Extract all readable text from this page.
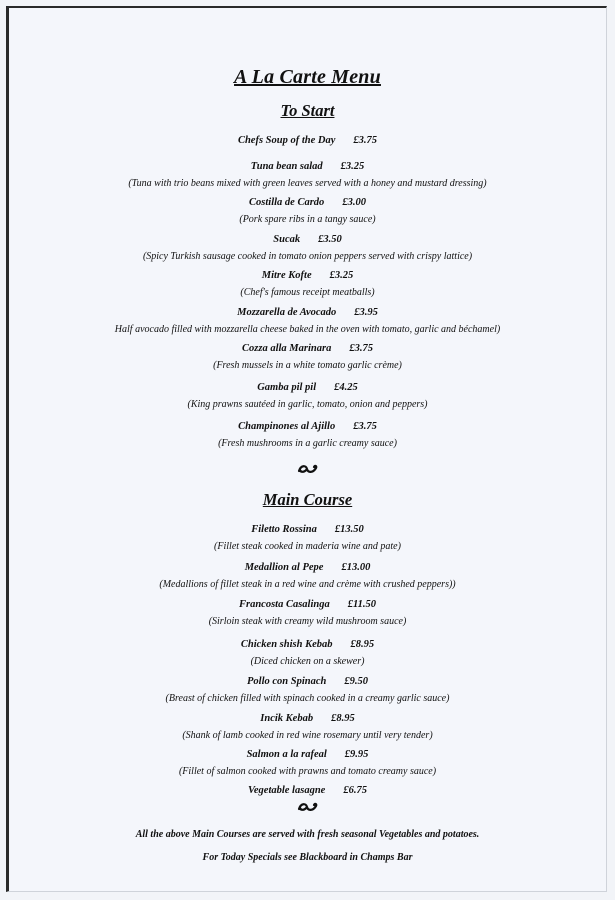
A La Carte Menu
To Start
Chefs Soup of the Day £3.75
Tuna bean salad £3.25
(Tuna with trio beans mixed with green leaves served with a honey and mustard dressing)
Costilla de Cardo £3.00
(Pork spare ribs in a tangy sauce)
Sucak £3.50
(Spicy Turkish sausage cooked in tomato onion peppers served with crispy lattice)
Mitre Kofte £3.25
(Chef's famous receipt meatballs)
Mozzarella de Avocado £3.95
Half avocado filled with mozzarella cheese baked in the oven with tomato, garlic and béchamel)
Cozza alla Marinara £3.75
(Fresh mussels in a white tomato garlic crème)
Gamba pil pil £4.25
(King prawns sautéed in garlic, tomato, onion and peppers)
Champinones al Ajillo £3.75
(Fresh mushrooms in a garlic creamy sauce)
Main Course
Filetto Rossina £13.50
(Fillet steak cooked in maderia wine and pate)
Medallion al Pepe £13.00
(Medallions of fillet steak in a red wine and crème with crushed peppers))
Francosta Casalinga £11.50
(Sirloin steak with creamy wild mushroom sauce)
Chicken shish Kebab £8.95
(Diced chicken on a skewer)
Pollo con Spinach £9.50
(Breast of chicken filled with spinach cooked in a creamy garlic sauce)
Incik Kebab £8.95
(Shank of lamb cooked in red wine rosemary until very tender)
Salmon a la rafeal £9.95
(Fillet of salmon cooked with prawns and tomato creamy sauce)
Vegetable lasagne £6.75
All the above Main Courses are served with fresh seasonal Vegetables and potatoes.
For Today Specials see Blackboard in Champs Bar
